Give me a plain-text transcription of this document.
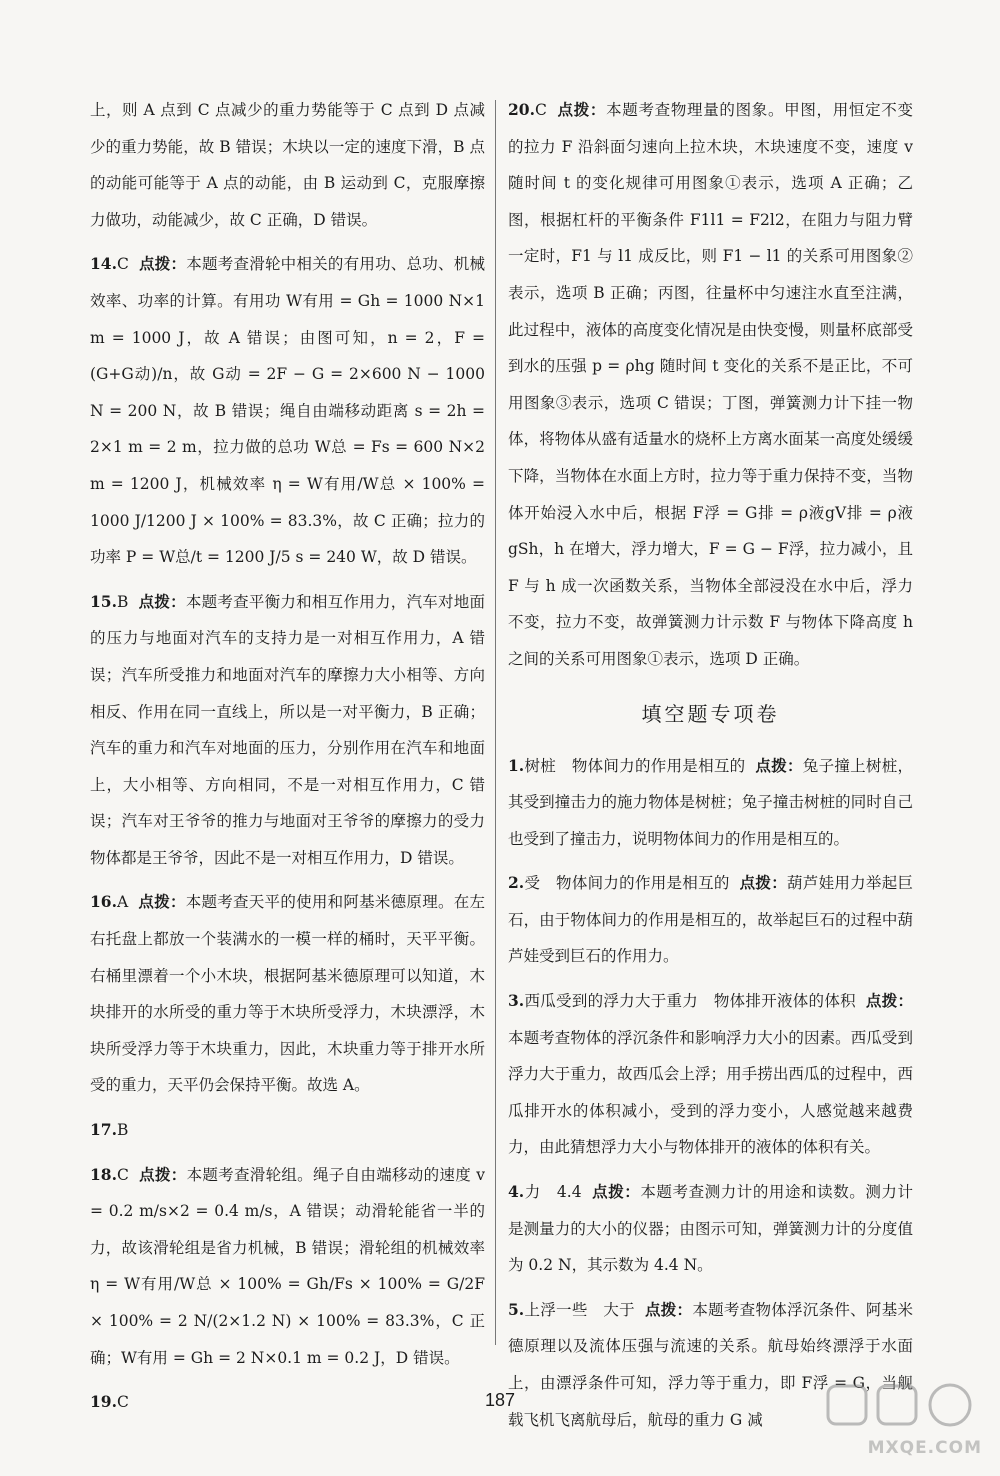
上，则 A 点到 C 点减少的重力势能等于 C 点到 D 点减少的重力势能，故 B 错误；木块以一定的速度下滑，B 点的动能可能等于 A 点的动能，由 B 运动到 C，克服摩擦力做功，动能减少，故 C 正确，D 错误。
14.C 点拨：本题考查滑轮中相关的有用功、总功、机械效率、功率的计算。有用功 W有用 = Gh = 1000 N×1 m = 1000 J，故 A 错误；由图可知，n = 2，F = (G+G动)/n，故 G动 = 2F − G = 2×600 N − 1000 N = 200 N，故 B 错误；绳自由端移动距离 s = 2h = 2×1 m = 2 m，拉力做的总功 W总 = Fs = 600 N×2 m = 1200 J，机械效率 η = W有用/W总 × 100% = 1000 J/1200 J × 100% = 83.3%，故 C 正确；拉力的功率 P = W总/t = 1200 J/5 s = 240 W，故 D 错误。
15.B 点拨：本题考查平衡力和相互作用力，汽车对地面的压力与地面对汽车的支持力是一对相互作用力，A 错误；汽车所受推力和地面对汽车的摩擦力大小相等、方向相反、作用在同一直线上，所以是一对平衡力，B 正确；汽车的重力和汽车对地面的压力，分别作用在汽车和地面上，大小相等、方向相同，不是一对相互作用力，C 错误；汽车对王爷爷的推力与地面对王爷爷的摩擦力的受力物体都是王爷爷，因此不是一对相互作用力，D 错误。
16.A 点拨：本题考查天平的使用和阿基米德原理。在左右托盘上都放一个装满水的一模一样的桶时，天平平衡。右桶里漂着一个小木块，根据阿基米德原理可以知道，木块排开的水所受的重力等于木块所受浮力，木块漂浮，木块所受浮力等于木块重力，因此，木块重力等于排开水所受的重力，天平仍会保持平衡。故选 A。
17.B
18.C 点拨：本题考查滑轮组。绳子自由端移动的速度 v = 0.2 m/s×2 = 0.4 m/s，A 错误；动滑轮能省一半的力，故该滑轮组是省力机械，B 错误；滑轮组的机械效率 η = W有用/W总 × 100% = Gh/Fs × 100% = G/2F × 100% = 2 N/(2×1.2 N) × 100% = 83.3%，C 正确；W有用 = Gh = 2 N×0.1 m = 0.2 J，D 错误。
19.C
20.C 点拨：本题考查物理量的图象。甲图，用恒定不变的拉力 F 沿斜面匀速向上拉木块，木块速度不变，速度 v 随时间 t 的变化规律可用图象①表示，选项 A 正确；乙图，根据杠杆的平衡条件 F1l1 = F2l2，在阻力与阻力臂一定时，F1 与 l1 成反比，则 F1 − l1 的关系可用图象②表示，选项 B 正确；丙图，往量杯中匀速注水直至注满，此过程中，液体的高度变化情况是由快变慢，则量杯底部受到水的压强 p = ρhg 随时间 t 变化的关系不是正比，不可用图象③表示，选项 C 错误；丁图，弹簧测力计下挂一物体，将物体从盛有适量水的烧杯上方离水面某一高度处缓缓下降，当物体在水面上方时，拉力等于重力保持不变，当物体开始浸入水中后，根据 F浮 = G排 = ρ液gV排 = ρ液gSh，h 在增大，浮力增大，F = G − F浮，拉力减小，且 F 与 h 成一次函数关系，当物体全部浸没在水中后，浮力不变，拉力不变，故弹簧测力计示数 F 与物体下降高度 h 之间的关系可用图象①表示，选项 D 正确。
填空题专项卷
1.树桩　物体间力的作用是相互的 点拨：兔子撞上树桩，其受到撞击力的施力物体是树桩；兔子撞击树桩的同时自己也受到了撞击力，说明物体间力的作用是相互的。
2.受　物体间力的作用是相互的 点拨：葫芦娃用力举起巨石，由于物体间力的作用是相互的，故举起巨石的过程中葫芦娃受到巨石的作用力。
3.西瓜受到的浮力大于重力　物体排开液体的体积 点拨：本题考查物体的浮沉条件和影响浮力大小的因素。西瓜受到浮力大于重力，故西瓜会上浮；用手捞出西瓜的过程中，西瓜排开水的体积减小，受到的浮力变小，人感觉越来越费力，由此猜想浮力大小与物体排开的液体的体积有关。
4.力　4.4 点拨：本题考查测力计的用途和读数。测力计是测量力的大小的仪器；由图示可知，弹簧测力计的分度值为 0.2 N，其示数为 4.4 N。
5.上浮一些　大于 点拨：本题考查物体浮沉条件、阿基米德原理以及流体压强与流速的关系。航母始终漂浮于水面上，由漂浮条件可知，浮力等于重力，即 F浮 = G，当舰载飞机飞离航母后，航母的重力 G 减
187
MXQE.COM
